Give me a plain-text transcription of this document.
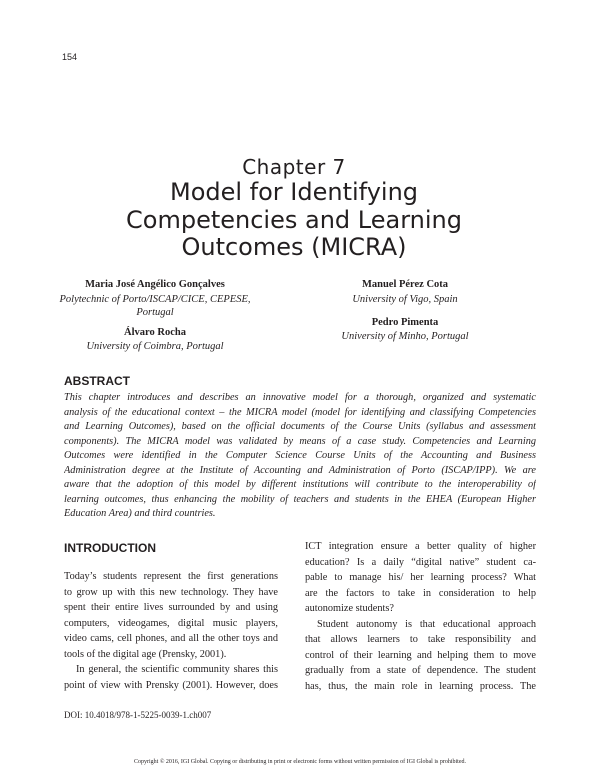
154
Chapter 7
Model for Identifying
Competencies and Learning
Outcomes (MICRA)
Maria José Angélico Gonçalves
Polytechnic of Porto/ISCAP/CICE, CEPESE,
Portugal
Álvaro Rocha
University of Coimbra, Portugal
Manuel Pérez Cota
University of Vigo, Spain
Pedro Pimenta
University of Minho, Portugal
ABSTRACT
This chapter introduces and describes an innovative model for a thorough, organized and systematic
analysis of the educational context – the MICRA model (model for identifying and classifying Competencies
and Learning Outcomes), based on the official documents of the Course Units (syllabus and assessment
components). The MICRA model was validated by means of a case study. Competencies and Learning
Outcomes were identified in the Computer Science Course Units of the Accounting and Business
Administration degree at the Institute of Accounting and Administration of Porto (ISCAP/IPP). We are
aware that the adoption of this model by different institutions will contribute to the interoperability of
learning outcomes, thus enhancing the mobility of teachers and students in the EHEA (European Higher
Education Area) and third countries.
INTRODUCTION
Today’s students represent the first generations
to grow up with this new technology. They have
spent their entire lives surrounded by and using
computers, videogames, digital music players,
video cams, cell phones, and all the other toys and
tools of the digital age (Prensky, 2001).
In general, the scientific community shares this
point of view with Prensky (2001). However, does
ICT integration ensure a better quality of higher
education? Is a daily “digital native” student ca-
pable to manage his/ her learning process? What
are the factors to take in consideration to help
autonomize students?
Student autonomy is that educational approach
that allows learners to take responsibility and
control of their learning and helping them to move
gradually from a state of dependence. The student
has, thus, the main role in learning process. The
DOI: 10.4018/978-1-5225-0039-1.ch007
Copyright © 2016, IGI Global. Copying or distributing in print or electronic forms without written permission of IGI Global is prohibited.
